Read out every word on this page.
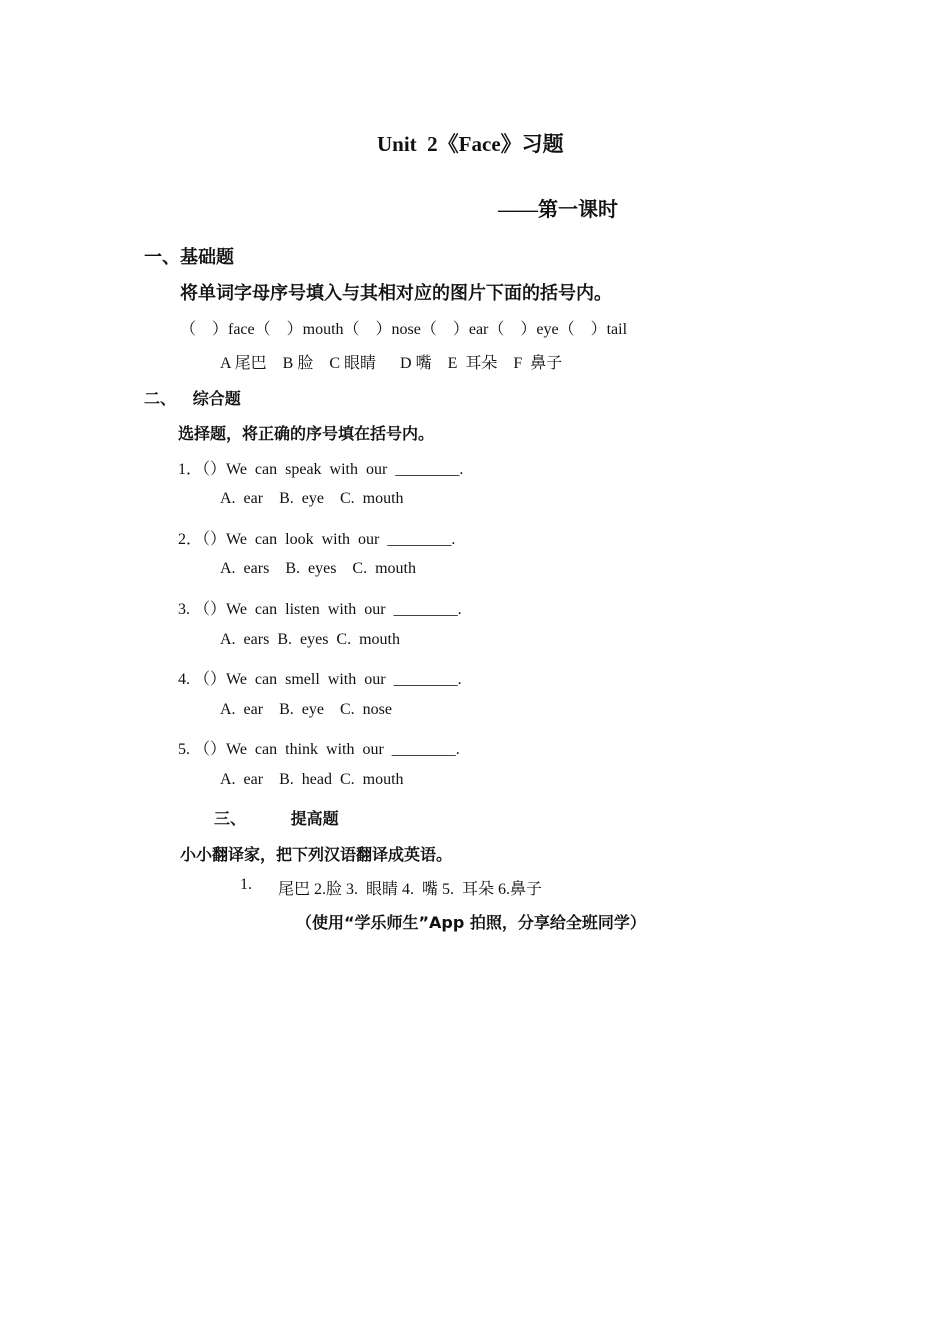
Unit  2《Face》习题
——第一课时
一、基础题
将单词字母序号填入与其相对应的图片下面的括号内。
（    ）face（    ）mouth（    ）nose（    ）ear（    ）eye（    ）tail
A 尾巴    B 脸    C 眼睛      D 嘴    E  耳朵    F  鼻子
二、   综合题
选择题，将正确的序号填在括号内。
1．（）We  can  speak  with  our  ________.
A.  ear    B.  eye    C.  mouth
2．（）We  can  look  with  our  ________.
A.  ears    B.  eyes    C.  mouth
3. （）We  can  listen  with  our  ________.
A.  ears  B.  eyes  C.  mouth
4. （）We  can  smell  with  our  ________.
A.  ear    B.  eye    C.  nose
5. （）We  can  think  with  our  ________.
A.  ear    B.  head  C.  mouth
三、        提高题
小小翻译家，把下列汉语翻译成英语。
1. 尾巴 2.脸 3.  眼睛 4.  嘴 5.  耳朵 6.鼻子
（使用“学乐师生”App 拍照，分享给全班同学）
